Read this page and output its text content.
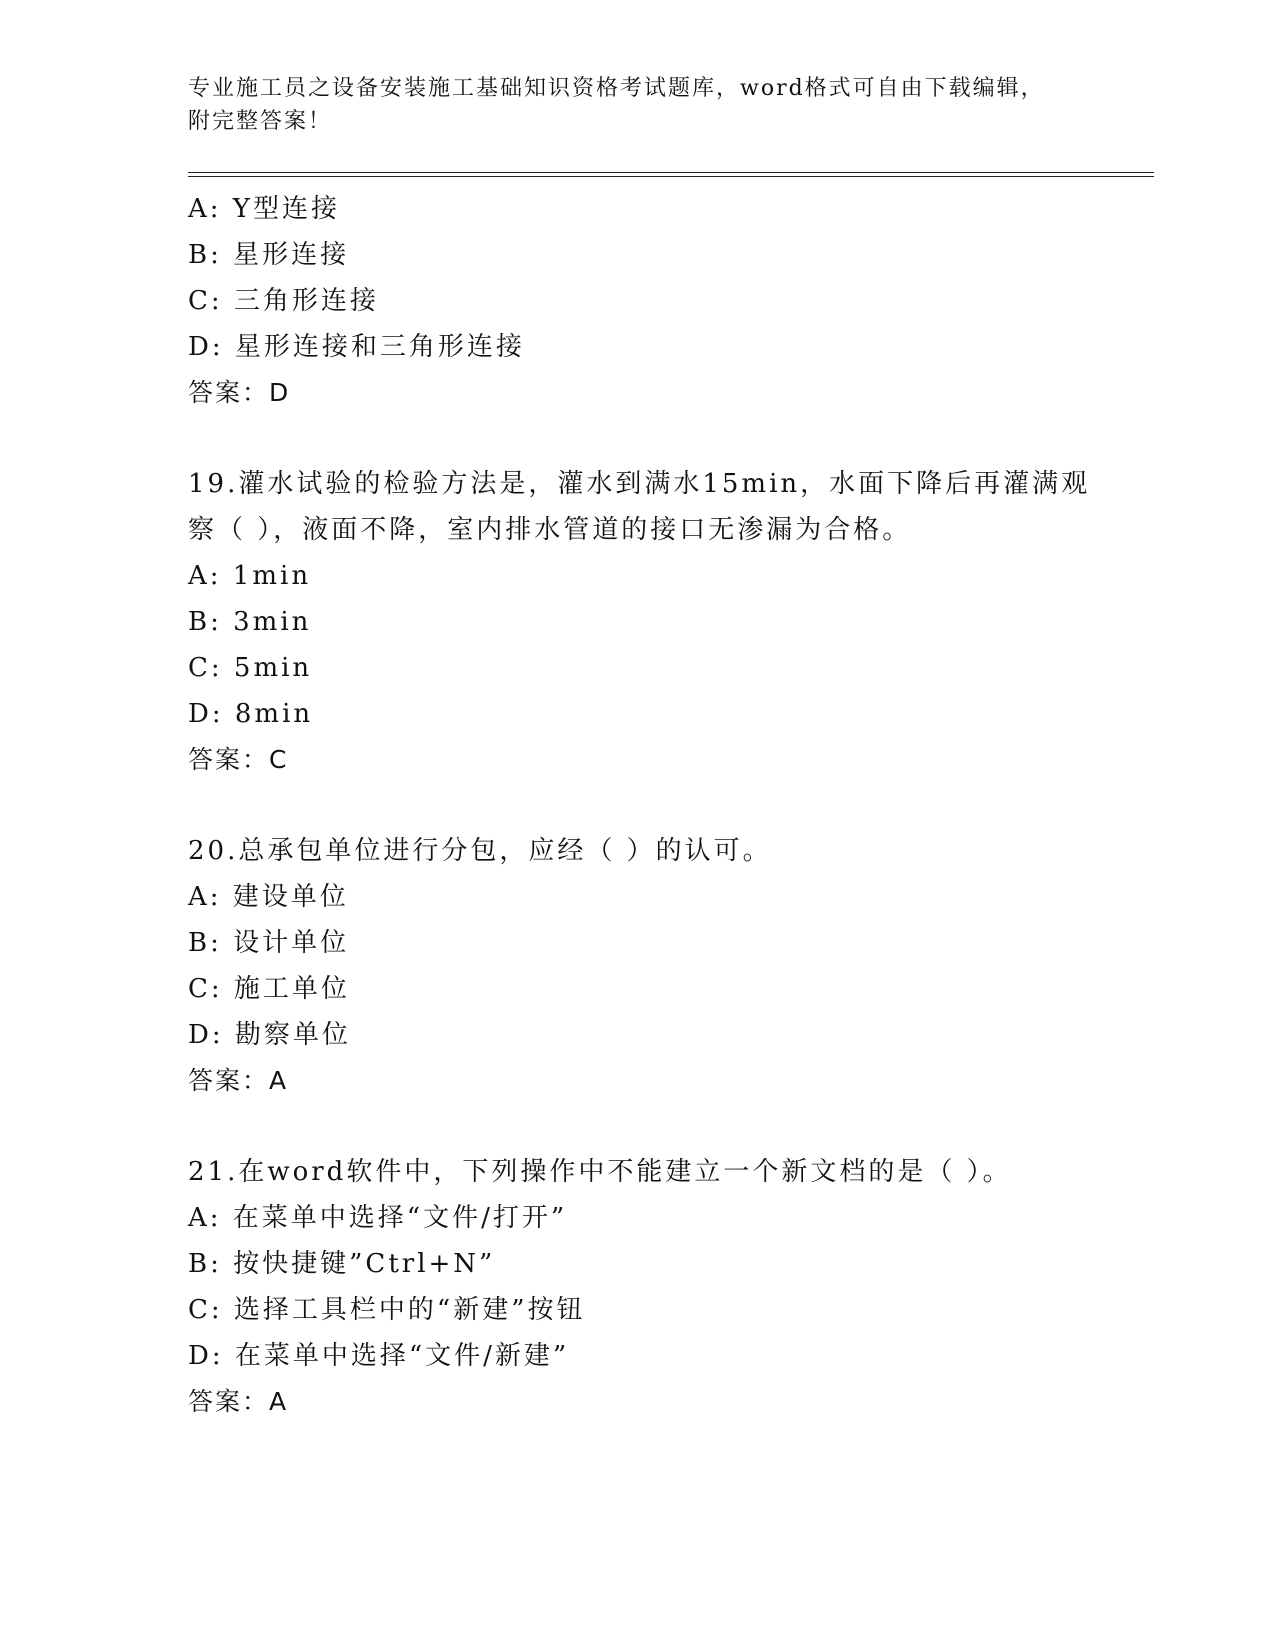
专业施工员之设备安装施工基础知识资格考试题库，word格式可自由下载编辑，
附完整答案！
A: Y型连接
B: 星形连接
C: 三角形连接
D: 星形连接和三角形连接
答案：D
19.灌水试验的检验方法是，灌水到满水15min，水面下降后再灌满观
察（ ），液面不降，室内排水管道的接口无渗漏为合格。
A: 1min
B: 3min
C: 5min
D: 8min
答案：C
20.总承包单位进行分包，应经（ ）的认可。
A: 建设单位
B: 设计单位
C: 施工单位
D: 勘察单位
答案：A
21.在word软件中，下列操作中不能建立一个新文档的是（ ）。
A: 在菜单中选择“文件/打开”
B: 按快捷键”Ctrl+N”
C: 选择工具栏中的“新建”按钮
D: 在菜单中选择“文件/新建”
答案：A
